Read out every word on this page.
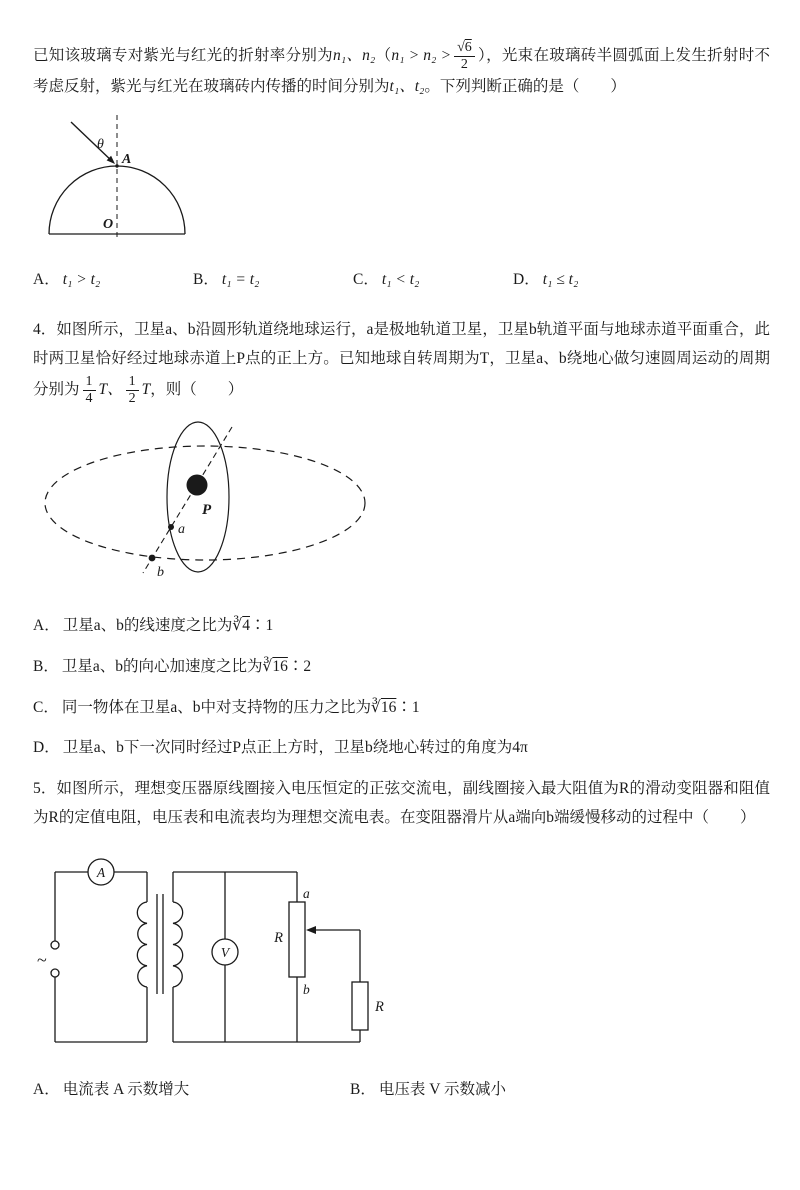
已知该玻璃专对紫光与红光的折射率分别为n₁、$n_2(n_1 > n_2 > \frac{√6}{2}$ ），光束在玻璃砖半圆弧面上发生折射时不考虑反射，紫光与红光在玻璃砖内传播的时间分别为t₁、t₂。下列判断正确的是（　　）

θ
A
O
A． t₁ > t₂	B． t₁ = t₂	C． t₁ < t₂	D． t₁ ≤ t₂

4．如图所示，卫星a、b沿圆形轨道绕地球运行，a是极地轨道卫星，卫星b轨道平面与地球赤道平面重合，此时两卫星恰好经过地球赤道上P点的正上方。已知地球自转周期为T，卫星a、b绕地心做匀速圆周运动的周期分别为 $\frac{1}{4}$ T、 $\frac{1}{2}$ T，则（　　）

P
a
b
A． 卫星a、b的线速度之比为∛4∶1
B． 卫星a、b的向心加速度之比为∛16∶2
C． 同一物体在卫星a、b中对支持物的压力之比为∛16∶1
D． 卫星a、b下一次同时经过P点正上方时，卫星b绕地心转过的角度为4π

5．如图所示，理想变压器原线圈接入电压恒定的正弦交流电，副线圈接入最大阻值为R的滑动变阻器和阻值为R的定值电阻，电压表和电流表均为理想交流电表。在变阻器滑片从a端向b端缓慢移动的过程中（　　）

~
A
V
a
R
b
R
A． 电流表 A 示数增大	B． 电压表 V 示数减小
